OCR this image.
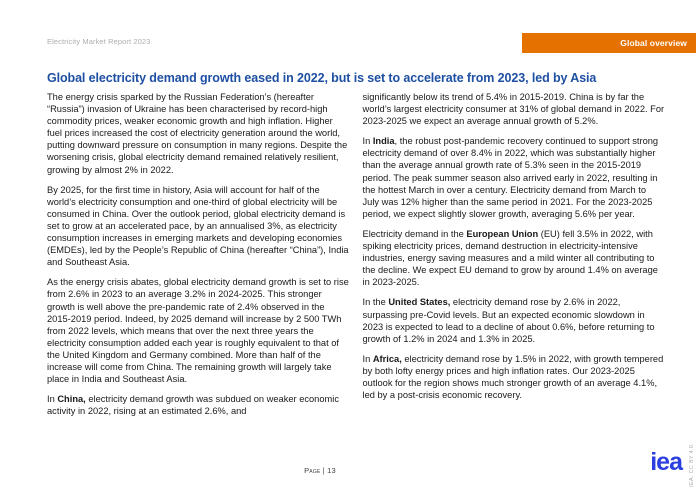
Electricity Market Report 2023	Global overview
Global electricity demand growth eased in 2022, but is set to accelerate from 2023, led by Asia

The energy crisis sparked by the Russian Federation’s (hereafter “Russia”) invasion of Ukraine has been characterised by record-high commodity prices, weaker economic growth and high inflation. Higher fuel prices increased the cost of electricity generation around the world, putting downward pressure on consumption in many regions. Despite the worsening crisis, global electricity demand remained relatively resilient, growing by almost 2% in 2022.

By 2025, for the first time in history, Asia will account for half of the world’s electricity consumption and one-third of global electricity will be consumed in China. Over the outlook period, global electricity demand is set to grow at an accelerated pace, by an annualised 3%, as electricity consumption increases in emerging markets and developing economies (EMDEs), led by the People’s Republic of China (hereafter “China”), India and Southeast Asia.

As the energy crisis abates, global electricity demand growth is set to rise from 2.6% in 2023 to an average 3.2% in 2024-2025. This stronger growth is well above the pre-pandemic rate of 2.4% observed in the 2015-2019 period. Indeed, by 2025 demand will increase by 2 500 TWh from 2022 levels, which means that over the next three years the electricity consumption added each year is roughly equivalent to that of the United Kingdom and Germany combined. More than half of the increase will come from China. The remaining growth will largely take place in India and Southeast Asia.

In China, electricity demand growth was subdued on weaker economic activity in 2022, rising at an estimated 2.6%, and

significantly below its trend of 5.4% in 2015-2019. China is by far the world’s largest electricity consumer at 31% of global demand in 2022. For 2023-2025 we expect an average annual growth of 5.2%.

In India, the robust post-pandemic recovery continued to support strong electricity demand of over 8.4% in 2022, which was substantially higher than the average annual growth rate of 5.3% seen in the 2015-2019 period. The peak summer season also arrived early in 2022, resulting in the hottest March in over a century. Electricity demand from March to July was 12% higher than the same period in 2021. For the 2023-2025 period, we expect slightly slower growth, averaging 5.6% per year.

Electricity demand in the European Union (EU) fell 3.5% in 2022, with spiking electricity prices, demand destruction in electricity-intensive industries, energy saving measures and a mild winter all contributing to the decline. We expect EU demand to grow by around 1.4% on average in 2023-2025.

In the United States, electricity demand rose by 2.6% in 2022, surpassing pre-Covid levels. But an expected economic slowdown in 2023 is expected to lead to a decline of about 0.6%, before returning to growth of 1.2% in 2024 and 1.3% in 2025.

In Africa, electricity demand rose by 1.5% in 2022, with growth tempered by both lofty energy prices and high inflation rates. Our 2023-2025 outlook for the region shows much stronger growth of an average 4.1%, led by a post-crisis economic recovery.

Page | 13	iea IEA. CC BY 4.0.
